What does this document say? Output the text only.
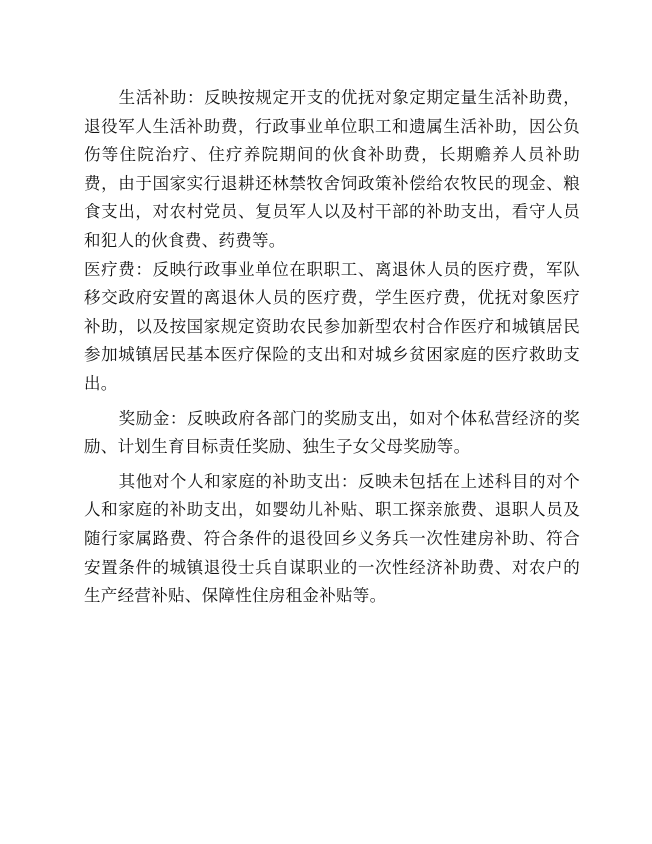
生活补助：反映按规定开支的优抚对象定期定量生活补助费，退役军人生活补助费，行政事业单位职工和遗属生活补助，因公负伤等住院治疗、住疗养院期间的伙食补助费，长期赡养人员补助费，由于国家实行退耕还林禁牧舍饲政策补偿给农牧民的现金、粮食支出，对农村党员、复员军人以及村干部的补助支出，看守人员和犯人的伙食费、药费等。

医疗费：反映行政事业单位在职职工、离退休人员的医疗费，军队移交政府安置的离退休人员的医疗费，学生医疗费，优抚对象医疗补助，以及按国家规定资助农民参加新型农村合作医疗和城镇居民参加城镇居民基本医疗保险的支出和对城乡贫困家庭的医疗救助支出。

奖励金：反映政府各部门的奖励支出，如对个体私营经济的奖励、计划生育目标责任奖励、独生子女父母奖励等。

其他对个人和家庭的补助支出：反映未包括在上述科目的对个人和家庭的补助支出，如婴幼儿补贴、职工探亲旅费、退职人员及随行家属路费、符合条件的退役回乡义务兵一次性建房补助、符合安置条件的城镇退役士兵自谋职业的一次性经济补助费、对农户的生产经营补贴、保障性住房租金补贴等。
